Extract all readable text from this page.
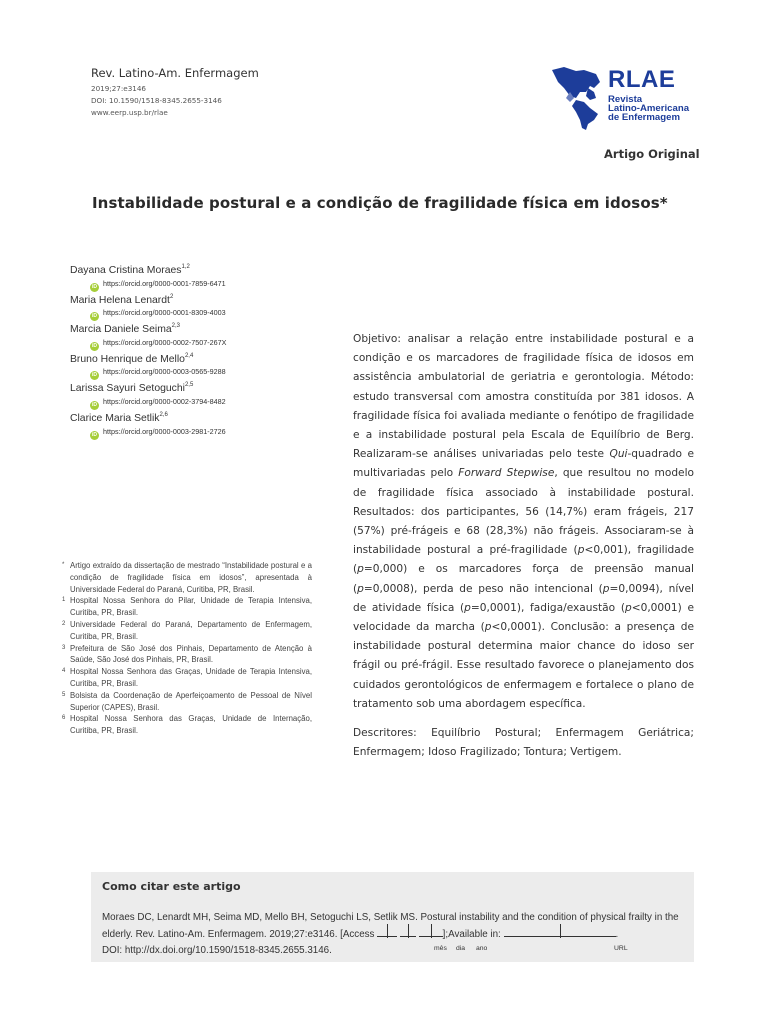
Rev. Latino-Am. Enfermagem
2019;27:e3146
DOI: 10.1590/1518-8345.2655-3146
www.eerp.usp.br/rlae
RLAE
Revista
Latino-Americana
de Enfermagem
Artigo Original
Instabilidade postural e a condição de fragilidade física em idosos*
Dayana Cristina Moraes$^{1,2}$
iD https://orcid.org/0000-0001-7859-6471
Maria Helena Lenardt$^2$
iD https://orcid.org/0000-0001-8309-4003
Marcia Daniele Seima$^{2,3}$
iD https://orcid.org/0000-0002-7507-267X
Bruno Henrique de Mello$^{2,4}$
iD https://orcid.org/0000-0003-0565-9288
Larissa Sayuri Setoguchi$^{2,5}$
iD https://orcid.org/0000-0002-3794-8482
Clarice Maria Setlik$^{2,6}$
iD https://orcid.org/0000-0003-2981-2726

* Artigo extraído da dissertação de mestrado “Instabilidade postural e a condição de fragilidade física em idosos”, apresentada à Universidade Federal do Paraná, Curitiba, PR, Brasil.

1 Hospital Nossa Senhora do Pilar, Unidade de Terapia Intensiva, Curitiba, PR, Brasil.

2 Universidade Federal do Paraná, Departamento de Enfermagem, Curitiba, PR, Brasil.

3 Prefeitura de São José dos Pinhais, Departamento de Atenção à Saúde, São José dos Pinhais, PR, Brasil.

4 Hospital Nossa Senhora das Graças, Unidade de Terapia Intensiva, Curitiba, PR, Brasil.

5 Bolsista da Coordenação de Aperfeiçoamento de Pessoal de Nível Superior (CAPES), Brasil.

6 Hospital Nossa Senhora das Graças, Unidade de Internação, Curitiba, PR, Brasil.

Objetivo: analisar a relação entre instabilidade postural e a condição e os marcadores de fragilidade física de idosos em assistência ambulatorial de geriatria e gerontologia. Método: estudo transversal com amostra constituída por 381 idosos. A fragilidade física foi avaliada mediante o fenótipo de fragilidade e a instabilidade postural pela Escala de Equilíbrio de Berg. Realizaram-se análises univariadas pelo teste Qui-quadrado e multivariadas pelo Forward Stepwise, que resultou no modelo de fragilidade física associado à instabilidade postural. Resultados: dos participantes, 56 (14,7%) eram frágeis, 217 (57%) pré-frágeis e 68 (28,3%) não frágeis. Associaram-se à instabilidade postural a pré-fragilidade (p<0,001), fragilidade (p=0,000) e os marcadores força de preensão manual (p=0,0008), perda de peso não intencional (p=0,0094), nível de atividade física (p=0,0001), fadiga/exaustão (p<0,0001) e velocidade da marcha (p<0,0001). Conclusão: a presença de instabilidade postural determina maior chance do idoso ser frágil ou pré-frágil. Esse resultado favorece o planejamento dos cuidados gerontológicos de enfermagem e fortalece o plano de tratamento sob uma abordagem específica.

Descritores: Equilíbrio Postural; Enfermagem Geriátrica; Enfermagem; Idoso Fragilizado; Tontura; Vertigem.

Como citar este artigo

Moraes DC, Lenardt MH, Seima MD, Mello BH, Setoguchi LS, Setlik MS. Postural instability and the condition of physical frailty in the elderly. Rev. Latino-Am. Enfermagem. 2019;27:e3146. [Access

	];Available in:	.

DOI: http://dx.doi.org/10.1590/1518-8345.2655.3146.	mês dia ano	URL
